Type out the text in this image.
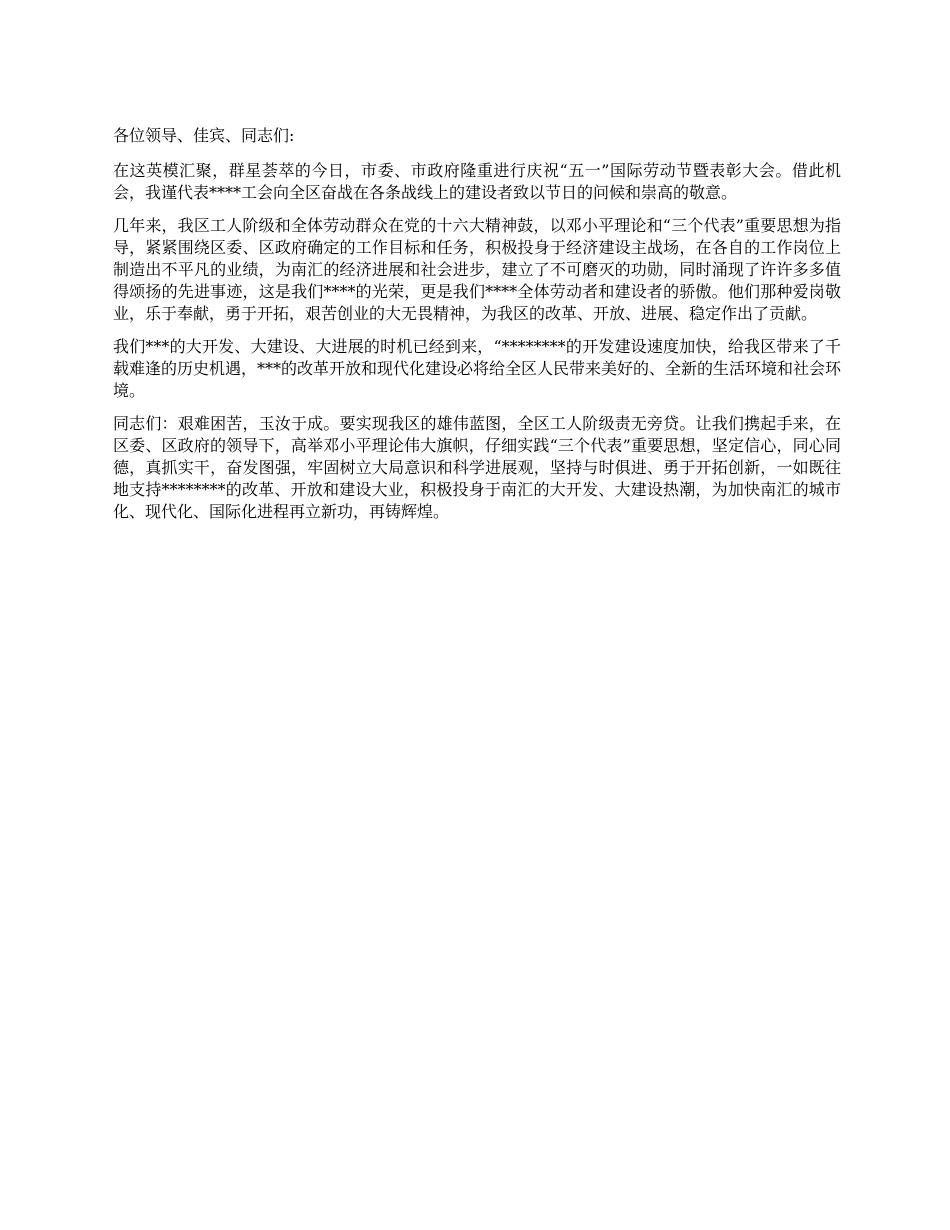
各位领导、佳宾、同志们:

在这英模汇聚，群星荟萃的今日，市委、市政府隆重进行庆祝“五一”国际劳动节暨表彰大会。借此机会，我谨代表****工会向全区奋战在各条战线上的建设者致以节日的问候和崇高的敬意。

几年来，我区工人阶级和全体劳动群众在党的十六大精神鼓，以邓小平理论和“三个代表”重要思想为指导，紧紧围绕区委、区政府确定的工作目标和任务，积极投身于经济建设主战场，在各自的工作岗位上制造出不平凡的业绩，为南汇的经济进展和社会进步，建立了不可磨灭的功勋，同时涌现了许许多多值得颂扬的先进事迹，这是我们****的光荣，更是我们****全体劳动者和建设者的骄傲。他们那种爱岗敬业，乐于奉献，勇于开拓，艰苦创业的大无畏精神，为我区的改革、开放、进展、稳定作出了贡献。

我们***的大开发、大建设、大进展的时机已经到来，“********的开发建设速度加快，给我区带来了千载难逢的历史机遇，***的改革开放和现代化建设必将给全区人民带来美好的、全新的生活环境和社会环境。

同志们：艰难困苦，玉汝于成。要实现我区的雄伟蓝图，全区工人阶级责无旁贷。让我们携起手来，在区委、区政府的领导下，高举邓小平理论伟大旗帜，仔细实践“三个代表”重要思想，坚定信心，同心同德，真抓实干，奋发图强，牢固树立大局意识和科学进展观，坚持与时俱进、勇于开拓创新，一如既往地支持********的改革、开放和建设大业，积极投身于南汇的大开发、大建设热潮，为加快南汇的城市化、现代化、国际化进程再立新功，再铸辉煌。
